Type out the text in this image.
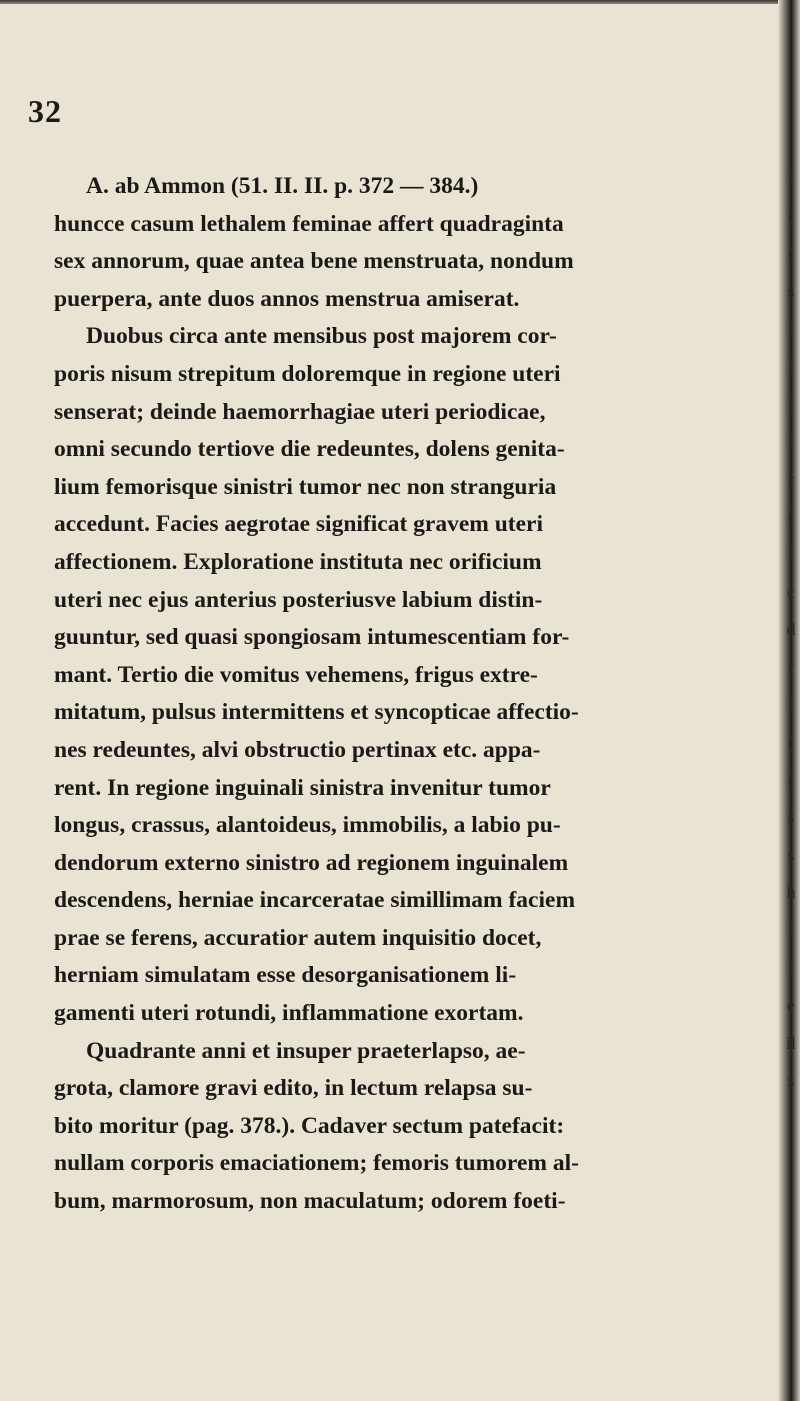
32
A. ab Ammon (51. II. II. p. 372 — 384.)
huncce casum lethalem feminae affert quadraginta
sex annorum, quae antea bene menstruata, nondum
puerpera, ante duos annos menstrua amiserat.
Duobus circa ante mensibus post majorem cor-
poris nisum strepitum doloremque in regione uteri
senserat; deinde haemorrhagiae uteri periodicae,
omni secundo tertiove die redeuntes, dolens genita-
lium femorisque sinistri tumor nec non stranguria
accedunt. Facies aegrotae significat gravem uteri
affectionem. Exploratione instituta nec orificium
uteri nec ejus anterius posteriusve labium distin-
guuntur, sed quasi spongiosam intumescentiam for-
mant. Tertio die vomitus vehemens, frigus extre-
mitatum, pulsus intermittens et syncopticae affectio-
nes redeuntes, alvi obstructio pertinax etc. appa-
rent. In regione inguinali sinistra invenitur tumor
longus, crassus, alantoideus, immobilis, a labio pu-
dendorum externo sinistro ad regionem inguinalem
descendens, herniae incarceratae simillimam faciem
prae se ferens, accuratior autem inquisitio docet,
herniam simulatam esse desorganisationem li-
gamenti uteri rotundi, inflammatione exortam.
Quadrante anni et insuper praeterlapso, ae-
grota, clamore gravi edito, in lectum relapsa su-
bito moritur (pag. 378.). Cadaver sectum patefacit:
nullam corporis emaciationem; femoris tumorem al-
bum, marmorosum, non maculatum; odorem foeti-
t
(
(
s
t
l
i
l
r
(
i
c
d
r
i
(
(
s
s
h
i
}
e
il
s
